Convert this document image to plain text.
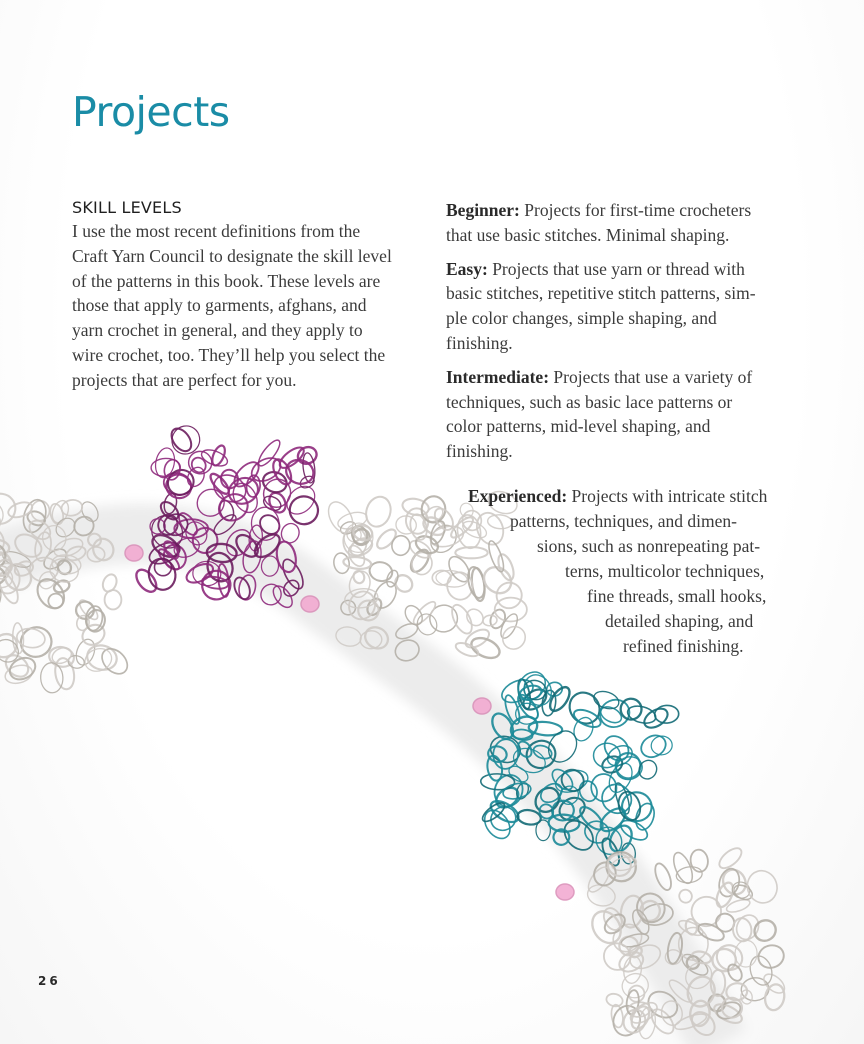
Projects
SKILL LEVELS

I use the most recent definitions from the
Craft Yarn Council to designate the skill level
of the patterns in this book. These levels are
those that apply to garments, afghans, and
yarn crochet in general, and they apply to
wire crochet, too. They’ll help you select the
projects that are perfect for you.

Beginner: Projects for first-time crocheters
that use basic stitches. Minimal shaping.

Easy: Projects that use yarn or thread with
basic stitches, repetitive stitch patterns, sim-
ple color changes, simple shaping, and
finishing.

Intermediate: Projects that use a variety of
techniques, such as basic lace patterns or
color patterns, mid-level shaping, and
finishing.

Experienced: Projects with intricate stitch
patterns, techniques, and dimen-
sions, such as nonrepeating pat-
terns, multicolor techniques,
fine threads, small hooks,
detailed shaping, and
refined finishing.
26
